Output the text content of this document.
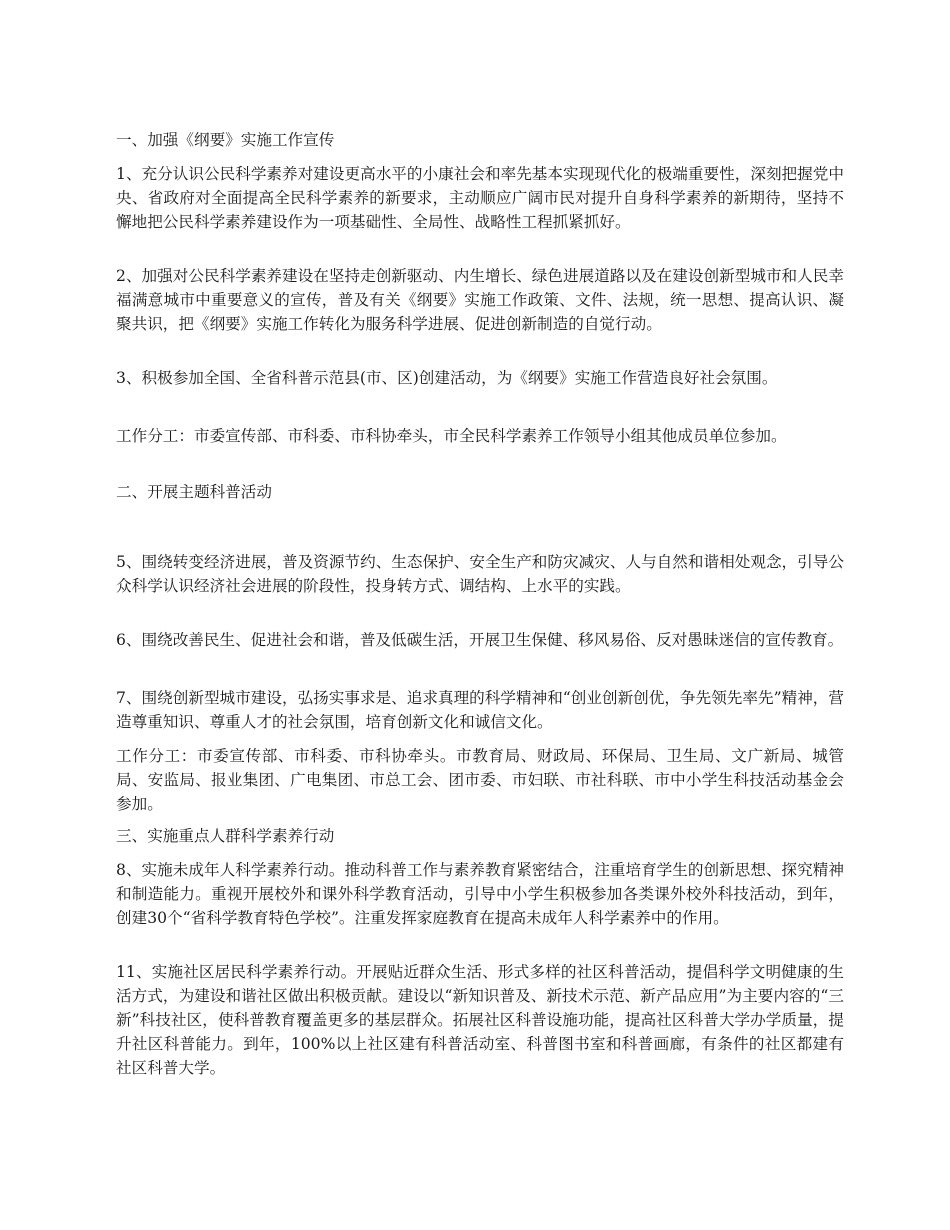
一、加强《纲要》实施工作宣传

1、充分认识公民科学素养对建设更高水平的小康社会和率先基本实现现代化的极端重要性，深刻把握党中央、省政府对全面提高全民科学素养的新要求，主动顺应广阔市民对提升自身科学素养的新期待，坚持不懈地把公民科学素养建设作为一项基础性、全局性、战略性工程抓紧抓好。

2、加强对公民科学素养建设在坚持走创新驱动、内生增长、绿色进展道路以及在建设创新型城市和人民幸福满意城市中重要意义的宣传，普及有关《纲要》实施工作政策、文件、法规，统一思想、提高认识、凝聚共识，把《纲要》实施工作转化为服务科学进展、促进创新制造的自觉行动。

3、积极参加全国、全省科普示范县(市、区)创建活动，为《纲要》实施工作营造良好社会氛围。

工作分工：市委宣传部、市科委、市科协牵头，市全民科学素养工作领导小组其他成员单位参加。

二、开展主题科普活动

5、围绕转变经济进展，普及资源节约、生态保护、安全生产和防灾减灾、人与自然和谐相处观念，引导公众科学认识经济社会进展的阶段性，投身转方式、调结构、上水平的实践。

6、围绕改善民生、促进社会和谐，普及低碳生活，开展卫生保健、移风易俗、反对愚昧迷信的宣传教育。

7、围绕创新型城市建设，弘扬实事求是、追求真理的科学精神和“创业创新创优，争先领先率先”精神，营造尊重知识、尊重人才的社会氛围，培育创新文化和诚信文化。

工作分工：市委宣传部、市科委、市科协牵头。市教育局、财政局、环保局、卫生局、文广新局、城管局、安监局、报业集团、广电集团、市总工会、团市委、市妇联、市社科联、市中小学生科技活动基金会参加。

三、实施重点人群科学素养行动

8、实施未成年人科学素养行动。推动科普工作与素养教育紧密结合，注重培育学生的创新思想、探究精神和制造能力。重视开展校外和课外科学教育活动，引导中小学生积极参加各类课外校外科技活动，到年，创建30个“省科学教育特色学校”。注重发挥家庭教育在提高未成年人科学素养中的作用。

11、实施社区居民科学素养行动。开展贴近群众生活、形式多样的社区科普活动，提倡科学文明健康的生活方式，为建设和谐社区做出积极贡献。建设以“新知识普及、新技术示范、新产品应用”为主要内容的“三新”科技社区，使科普教育覆盖更多的基层群众。拓展社区科普设施功能，提高社区科普大学办学质量，提升社区科普能力。到年，100%以上社区建有科普活动室、科普图书室和科普画廊，有条件的社区都建有社区科普大学。
